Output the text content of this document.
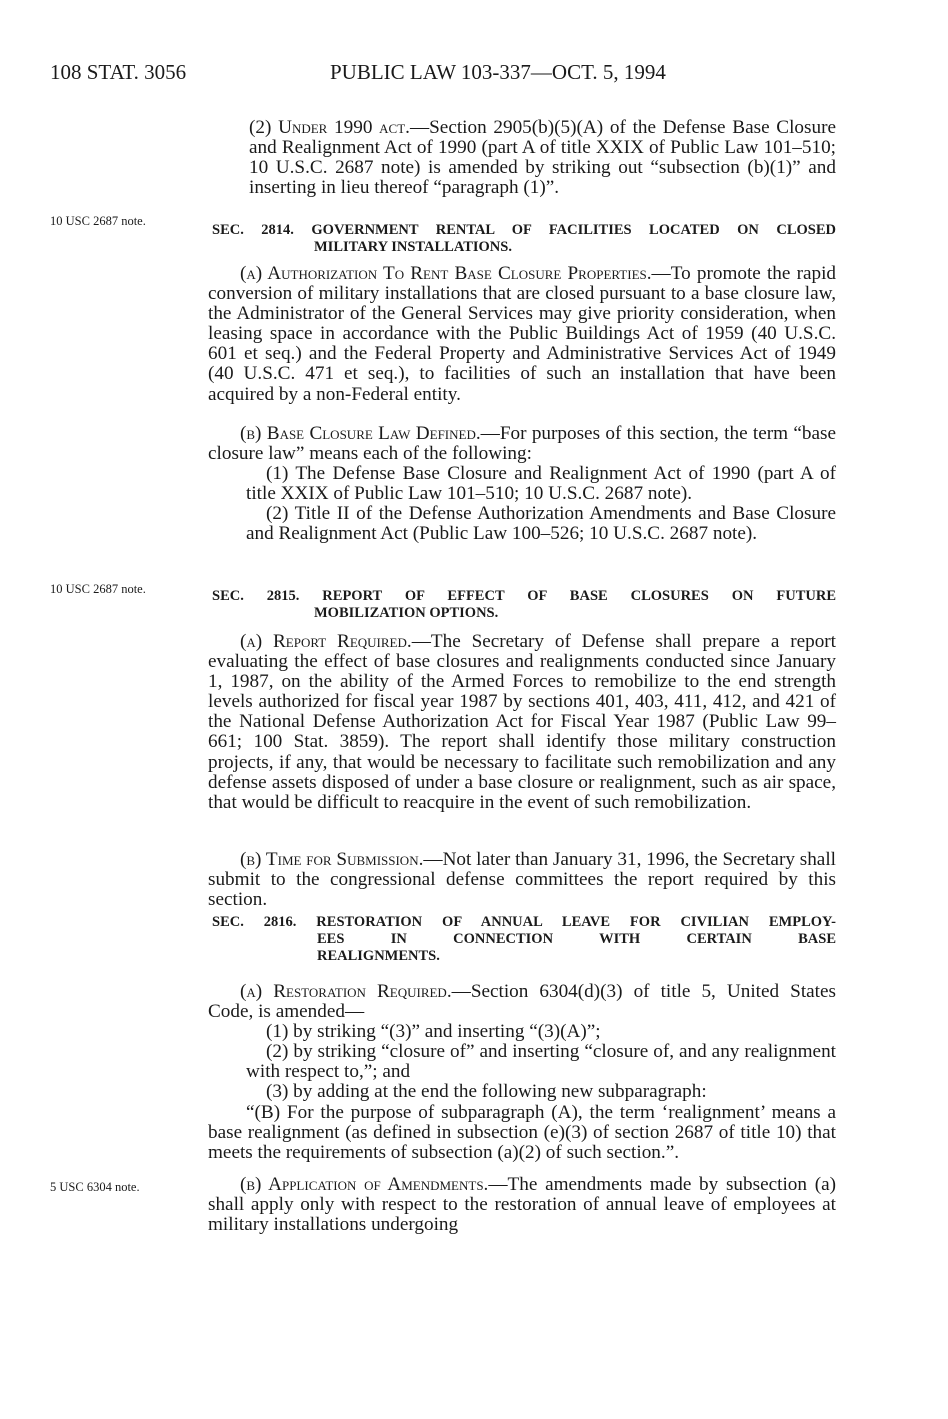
108 STAT. 3056	PUBLIC LAW 103-337—OCT. 5, 1994
10 USC 2687 note.
10 USC 2687 note.
5 USC 6304 note.

(2) Under 1990 act.—Section 2905(b)(5)(A) of the Defense Base Closure and Realignment Act of 1990 (part A of title XXIX of Public Law 101–510; 10 U.S.C. 2687 note) is amended by striking out “subsection (b)(1)” and inserting in lieu thereof “paragraph (1)”.

SEC. 2814. GOVERNMENT RENTAL OF FACILITIES LOCATED ON CLOSED
MILITARY INSTALLATIONS.

(a) Authorization To Rent Base Closure Properties.—To promote the rapid conversion of military installations that are closed pursuant to a base closure law, the Administrator of the General Services may give priority consideration, when leasing space in accordance with the Public Buildings Act of 1959 (40 U.S.C. 601 et seq.) and the Federal Property and Administrative Services Act of 1949 (40 U.S.C. 471 et seq.), to facilities of such an installation that have been acquired by a non-Federal entity.

(b) Base Closure Law Defined.—For purposes of this section, the term “base closure law” means each of the following:

(1) The Defense Base Closure and Realignment Act of 1990 (part A of title XXIX of Public Law 101–510; 10 U.S.C. 2687 note).

(2) Title II of the Defense Authorization Amendments and Base Closure and Realignment Act (Public Law 100–526; 10 U.S.C. 2687 note).

SEC. 2815. REPORT OF EFFECT OF BASE CLOSURES ON FUTURE
MOBILIZATION OPTIONS.

(a) Report Required.—The Secretary of Defense shall prepare a report evaluating the effect of base closures and realignments conducted since January 1, 1987, on the ability of the Armed Forces to remobilize to the end strength levels authorized for fiscal year 1987 by sections 401, 403, 411, 412, and 421 of the National Defense Authorization Act for Fiscal Year 1987 (Public Law 99–661; 100 Stat. 3859). The report shall identify those military construction projects, if any, that would be necessary to facilitate such remobilization and any defense assets disposed of under a base closure or realignment, such as air space, that would be difficult to reacquire in the event of such remobilization.

(b) Time for Submission.—Not later than January 31, 1996, the Secretary shall submit to the congressional defense committees the report required by this section.

SEC. 2816. RESTORATION OF ANNUAL LEAVE FOR CIVILIAN EMPLOY-
EES IN CONNECTION WITH CERTAIN BASE
REALIGNMENTS.

(a) Restoration Required.—Section 6304(d)(3) of title 5, United States Code, is amended—

(1) by striking “(3)” and inserting “(3)(A)”;

(2) by striking “closure of” and inserting “closure of, and any realignment with respect to,”; and

(3) by adding at the end the following new subparagraph:

“(B) For the purpose of subparagraph (A), the term ‘realignment’ means a base realignment (as defined in subsection (e)(3) of section 2687 of title 10) that meets the requirements of subsection (a)(2) of such section.”.

(b) Application of Amendments.—The amendments made by subsection (a) shall apply only with respect to the restoration of annual leave of employees at military installations undergoing
